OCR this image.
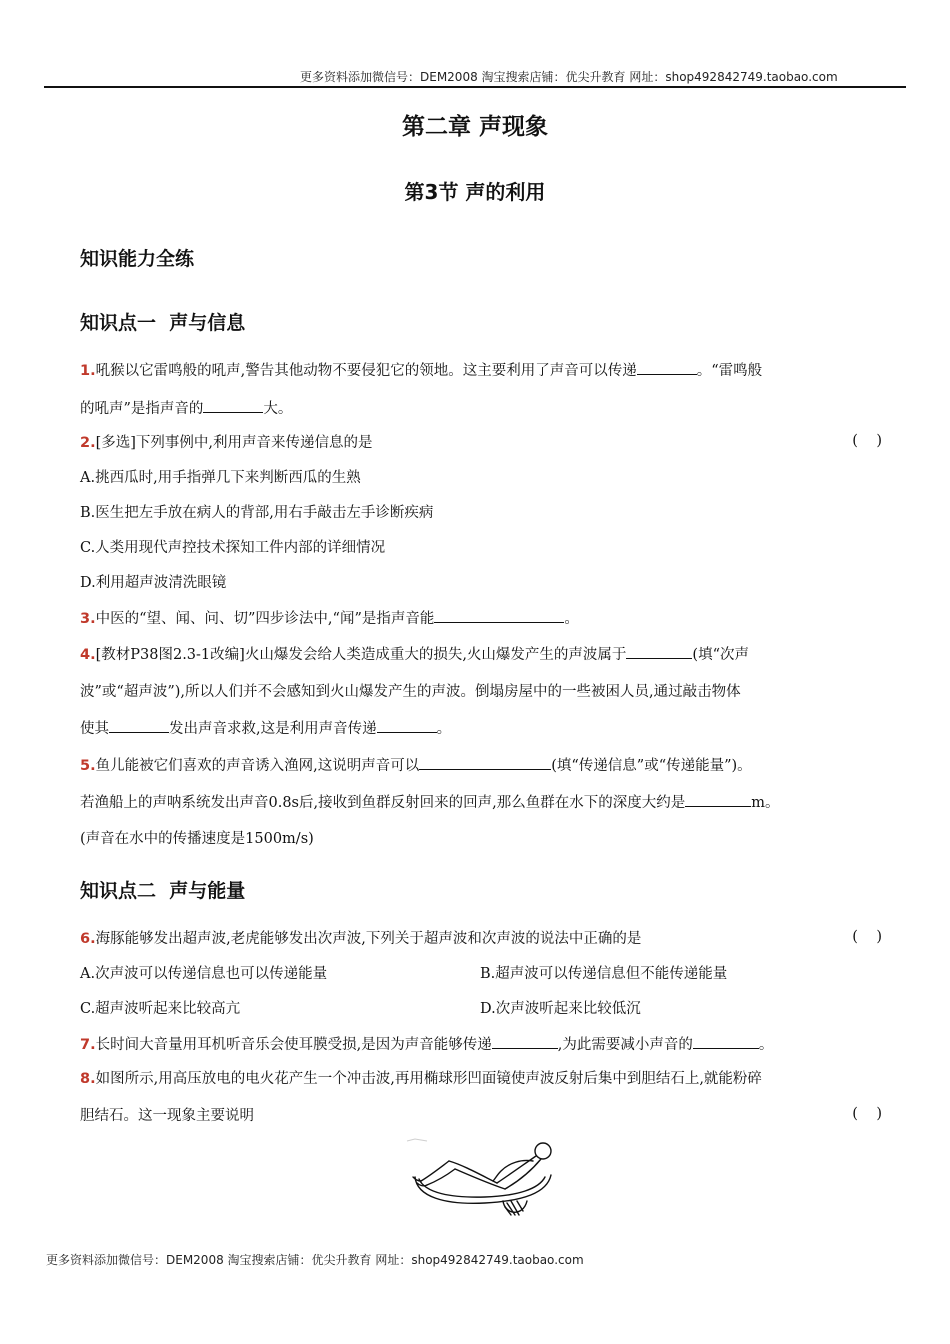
更多资料添加微信号：DEM2008 淘宝搜索店铺：优尖升教育 网址：shop492842749.taobao.com
第二章 声现象
第3节 声的利用
知识能力全练
知识点一  声与信息
1.吼猴以它雷鸣般的吼声,警告其他动物不要侵犯它的领地。这主要利用了声音可以传递	。“雷鸣般
的吼声”是指声音的	大。
2.[多选]下列事例中,利用声音来传递信息的是	(    )
A.挑西瓜时,用手指弹几下来判断西瓜的生熟
B.医生把左手放在病人的背部,用右手敲击左手诊断疾病
C.人类用现代声控技术探知工件内部的详细情况
D.利用超声波清洗眼镜
3.中医的“望、闻、问、切”四步诊法中,“闻”是指声音能	。
4.[教材P38图2.3-1改编]火山爆发会给人类造成重大的损失,火山爆发产生的声波属于	(填“次声
波”或“超声波”),所以人们并不会感知到火山爆发产生的声波。倒塌房屋中的一些被困人员,通过敲击物体
使其	发出声音求救,这是利用声音传递	。
5.鱼儿能被它们喜欢的声音诱入渔网,这说明声音可以	(填“传递信息”或“传递能量”)。
若渔船上的声呐系统发出声音0.8s后,接收到鱼群反射回来的回声,那么鱼群在水下的深度大约是	m。
(声音在水中的传播速度是1500m/s)
知识点二  声与能量
6.海豚能够发出超声波,老虎能够发出次声波,下列关于超声波和次声波的说法中正确的是	(    )
A.次声波可以传递信息也可以传递能量	B.超声波可以传递信息但不能传递能量
C.超声波听起来比较高亢	D.次声波听起来比较低沉
7.长时间大音量用耳机听音乐会使耳膜受损,是因为声音能够传递	,为此需要减小声音的	。
8.如图所示,用高压放电的电火花产生一个冲击波,再用椭球形凹面镜使声波反射后集中到胆结石上,就能粉碎
胆结石。这一现象主要说明	(    )
更多资料添加微信号：DEM2008 淘宝搜索店铺：优尖升教育 网址：shop492842749.taobao.com
